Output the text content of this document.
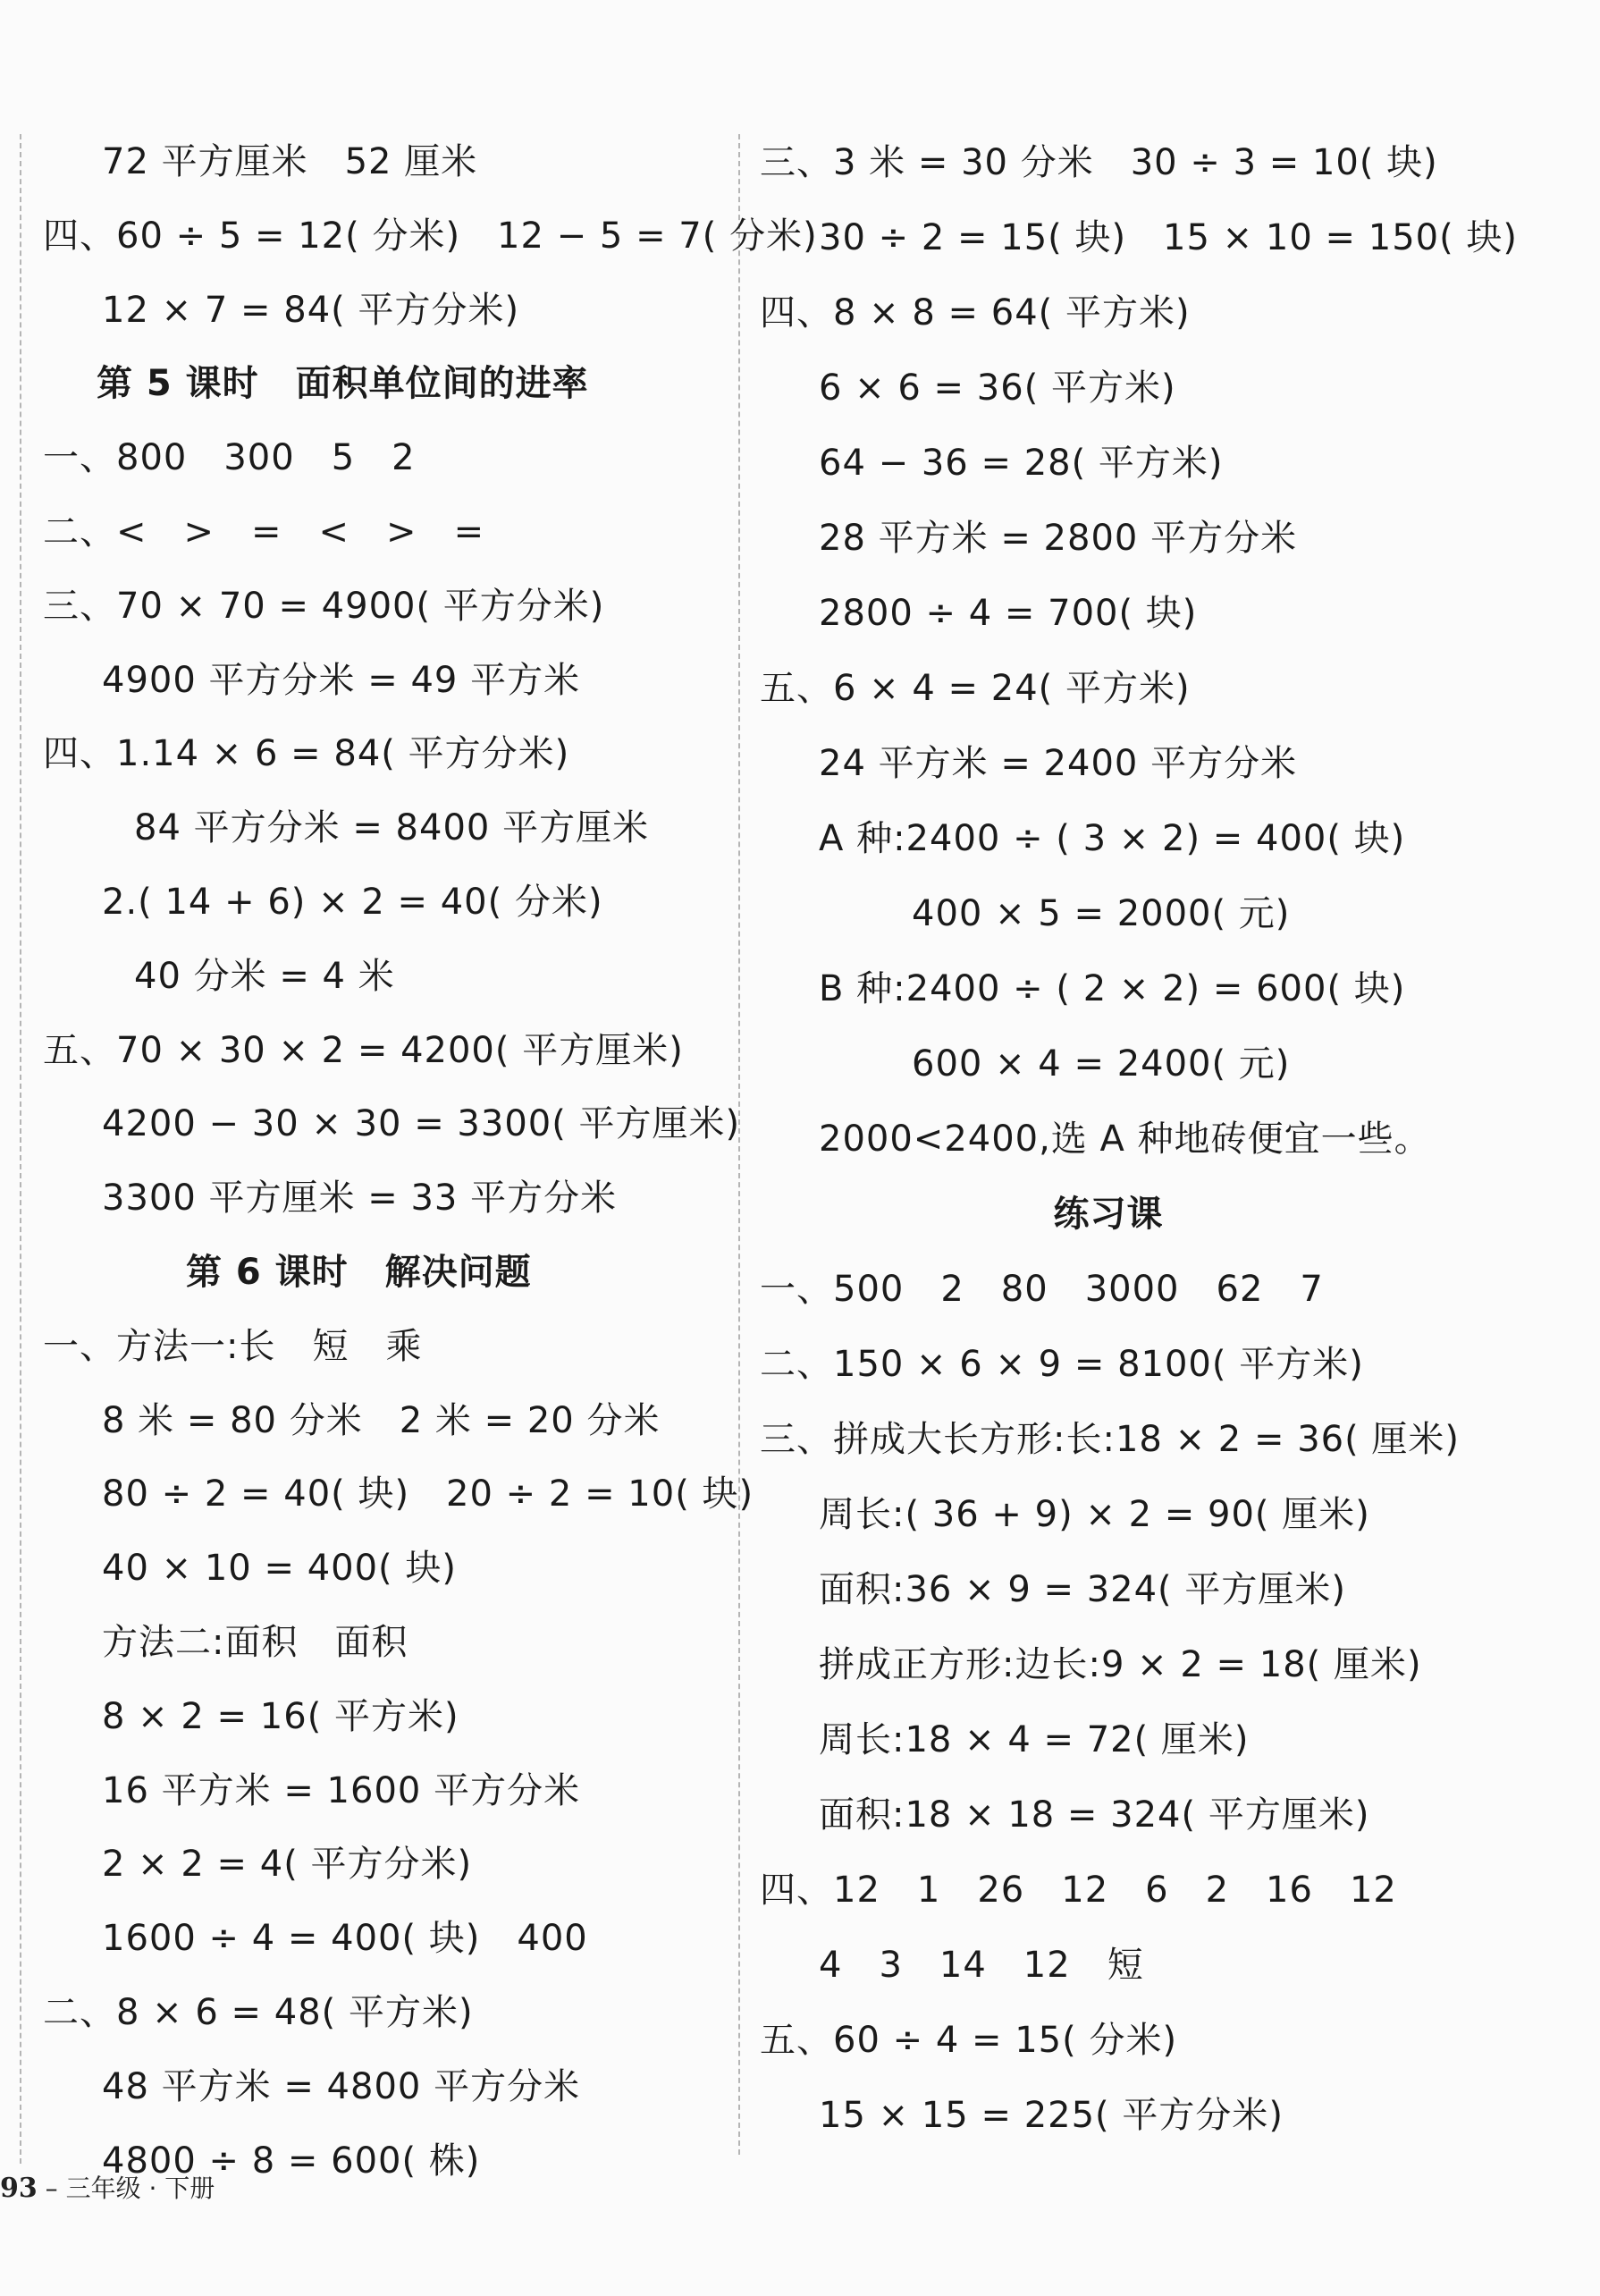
72 平方厘米　52 厘米
四、60 ÷ 5 = 12( 分米)　12 − 5 = 7( 分米)
12 × 7 = 84( 平方分米)
第 5 课时　面积单位间的进率
一、800　300　5　2
二、<　>　=　<　>　=
三、70 × 70 = 4900( 平方分米)
4900 平方分米 = 49 平方米
四、1.14 × 6 = 84( 平方分米)
84 平方分米 = 8400 平方厘米
2.( 14 + 6) × 2 = 40( 分米)
40 分米 = 4 米
五、70 × 30 × 2 = 4200( 平方厘米)
4200 − 30 × 30 = 3300( 平方厘米)
3300 平方厘米 = 33 平方分米
第 6 课时　解决问题
一、方法一:长　短　乘
8 米 = 80 分米　2 米 = 20 分米
80 ÷ 2 = 40( 块)　20 ÷ 2 = 10( 块)
40 × 10 = 400( 块)
方法二:面积　面积
8 × 2 = 16( 平方米)
16 平方米 = 1600 平方分米
2 × 2 = 4( 平方分米)
1600 ÷ 4 = 400( 块)　400
二、8 × 6 = 48( 平方米)
48 平方米 = 4800 平方分米
4800 ÷ 8 = 600( 株)
三、3 米 = 30 分米　30 ÷ 3 = 10( 块)
30 ÷ 2 = 15( 块)　15 × 10 = 150( 块)
四、8 × 8 = 64( 平方米)
6 × 6 = 36( 平方米)
64 − 36 = 28( 平方米)
28 平方米 = 2800 平方分米
2800 ÷ 4 = 700( 块)
五、6 × 4 = 24( 平方米)
24 平方米 = 2400 平方分米
A 种:2400 ÷ ( 3 × 2) = 400( 块)
400 × 5 = 2000( 元)
B 种:2400 ÷ ( 2 × 2) = 600( 块)
600 × 4 = 2400( 元)
2000<2400,选 A 种地砖便宜一些。
练习课
一、500　2　80　3000　62　7
二、150 × 6 × 9 = 8100( 平方米)
三、拼成大长方形:长:18 × 2 = 36( 厘米)
周长:( 36 + 9) × 2 = 90( 厘米)
面积:36 × 9 = 324( 平方厘米)
拼成正方形:边长:9 × 2 = 18( 厘米)
周长:18 × 4 = 72( 厘米)
面积:18 × 18 = 324( 平方厘米)
四、12　1　26　12　6　2　16　12
4　3　14　12　短
五、60 ÷ 4 = 15( 分米)
15 × 15 = 225( 平方分米)
93 – 三年级 · 下册
